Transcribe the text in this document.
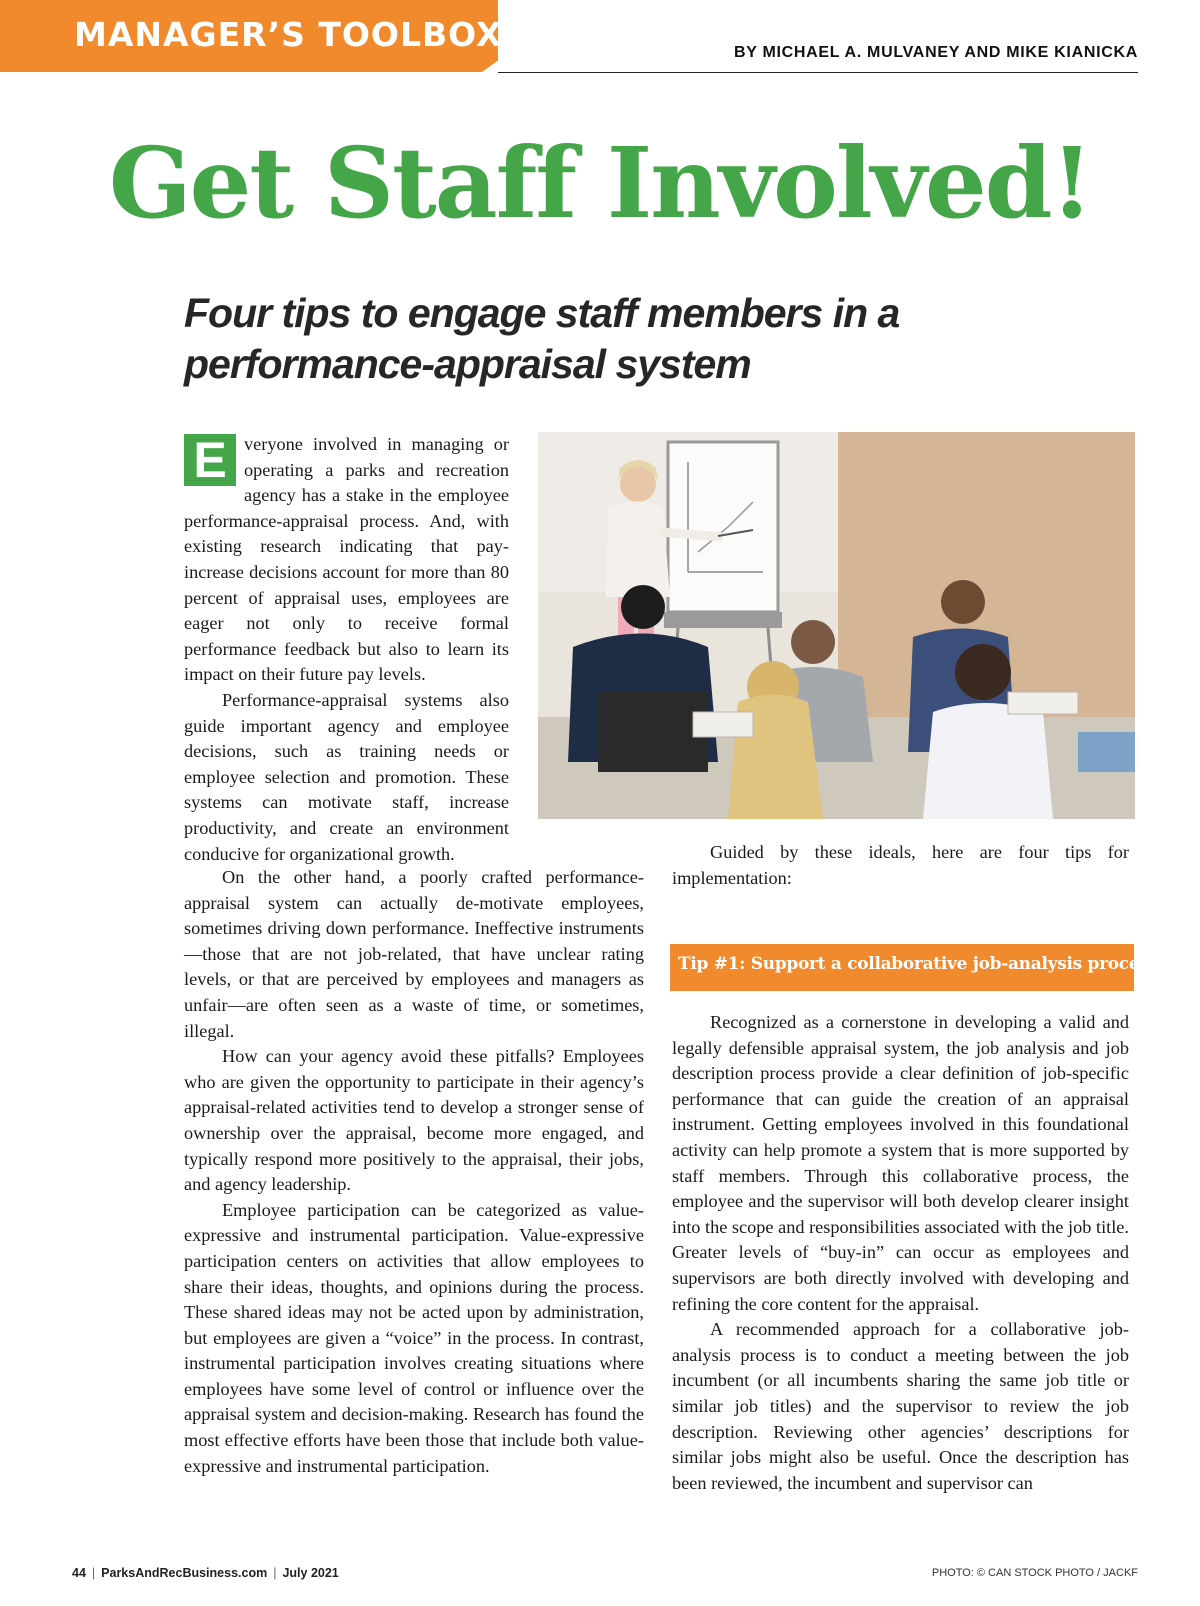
MANAGER’S TOOLBOX	BY MICHAEL A. MULVANEY AND MIKE KIANICKA
Get Staff Involved!
Four tips to engage staff members in a performance-appraisal system

E veryone involved in managing or operating a parks and recreation agency has a stake in the employee performance-appraisal process. And, with existing research indicating that pay-increase decisions account for more than 80 percent of appraisal uses, employees are eager not only to receive formal performance feedback but also to learn its impact on their future pay levels.

Performance-appraisal systems also guide important agency and employee decisions, such as training needs or employee selection and promotion. These systems can motivate staff, increase productivity, and create an environment conducive for organizational growth.

On the other hand, a poorly crafted performance-appraisal system can actually de-motivate employees, sometimes driving down performance. Ineffective instruments—those that are not job-related, that have unclear rating levels, or that are perceived by employees and managers as unfair—are often seen as a waste of time, or sometimes, illegal.

How can your agency avoid these pitfalls? Employees who are given the opportunity to participate in their agency’s appraisal-related activities tend to develop a stronger sense of ownership over the appraisal, become more engaged, and typically respond more positively to the appraisal, their jobs, and agency leadership.

Employee participation can be categorized as value-expressive and instrumental participation. Value-expressive participation centers on activities that allow employees to share their ideas, thoughts, and opinions during the process. These shared ideas may not be acted upon by administration, but employees are given a “voice” in the process. In contrast, instrumental participation involves creating situations where employees have some level of control or influence over the appraisal system and decision-making. Research has found the most effective efforts have been those that include both value-expressive and instrumental participation.

Guided by these ideals, here are four tips for implementation:

Tip #1: Support a collaborative job-analysis process.

Recognized as a cornerstone in developing a valid and legally defensible appraisal system, the job analysis and job description process provide a clear definition of job-specific performance that can guide the creation of an appraisal instrument. Getting employees involved in this foundational activity can help promote a system that is more supported by staff members. Through this collaborative process, the employee and the supervisor will both develop clearer insight into the scope and responsibilities associated with the job title. Greater levels of “buy-in” can occur as employees and supervisors are both directly involved with developing and refining the core content for the appraisal.

A recommended approach for a collaborative job-analysis process is to conduct a meeting between the job incumbent (or all incumbents sharing the same job title or similar job titles) and the supervisor to review the job description. Reviewing other agencies’ descriptions for similar jobs might also be useful. Once the description has been reviewed, the incumbent and supervisor can

44 | ParksAndRecBusiness.com | July 2021	PHOTO: © CAN STOCK PHOTO / JACKF
